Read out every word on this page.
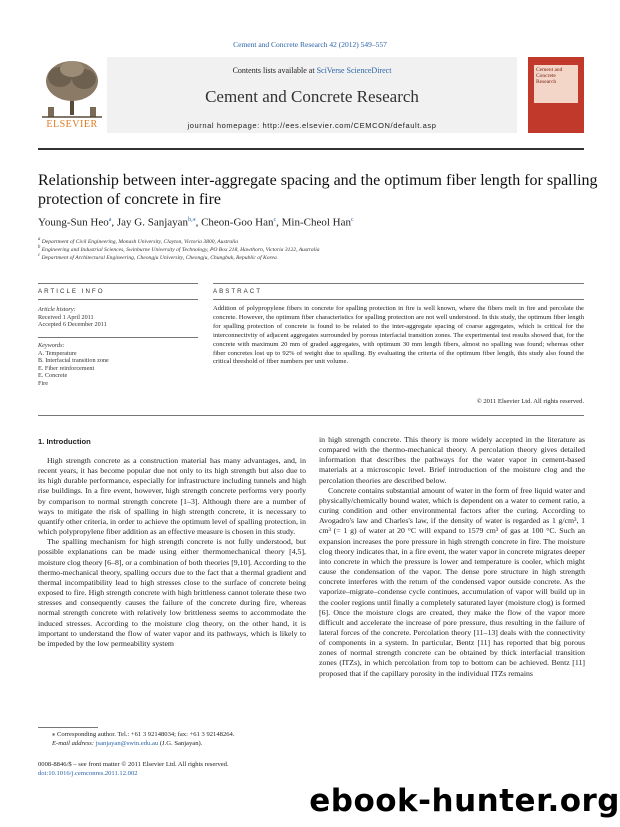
Cement and Concrete Research 42 (2012) 549–557
ELSEVIER
Contents lists available at SciVerse ScienceDirect
Cement and Concrete Research
journal homepage: http://ees.elsevier.com/CEMCON/default.asp
Cement and Concrete Research
Relationship between inter-aggregate spacing and the optimum fiber length for spalling protection of concrete in fire
Young-Sun Heo$^a$, Jay G. Sanjayan$^{b,⁎}$, Cheon-Goo Han$^c$, Min-Cheol Han$^c$
$^a$ Department of Civil Engineering, Monash University, Clayton, Victoria 3800, Australia
$^b$ Engineering and Industrial Sciences, Swinburne University of Technology, PO Box 218, Hawthorn, Victoria 3122, Australia
$^c$ Department of Architectural Engineering, Cheongju University, Cheongju, Chungbuk, Republic of Korea
ARTICLE INFO
Article history:
Received 1 April 2011
Accepted 6 December 2011
Keywords:
A. Temperature
B. Interfacial transition zone
E. Fiber reinforcement
E. Concrete
Fire
ABSTRACT
Addition of polypropylene fibers in concrete for spalling protection in fire is well known, where the fibers melt in fire and percolate the concrete. However, the optimum fiber characteristics for spalling protection are not well understood. In this study, the optimum fiber length for spalling protection of concrete is found to be related to the inter-aggregate spacing of coarse aggregates, which is critical for the interconnectivity of adjacent aggregates surrounded by porous interfacial transition zones. The experimental test results showed that, for the concrete with maximum 20 mm of graded aggregates, with optimum 30 mm length fibers, almost no spalling was found; whereas other fiber concretes lost up to 92% of weight due to spalling. By evaluating the criteria of the optimum fiber length, this study also found the critical threshold of fiber numbers per unit volume.
© 2011 Elsevier Ltd. All rights reserved.
1. Introduction

High strength concrete as a construction material has many advantages, and, in recent years, it has become popular due not only to its high strength but also due to its high durable performance, especially for infrastructure including tunnels and high rise buildings. In a fire event, however, high strength concrete performs very poorly by comparison to normal strength concrete [1–3]. Although there are a number of ways to mitigate the risk of spalling in high strength concrete, it is necessary to quantify other criteria, in order to achieve the optimum level of spalling protection, in which polypropylene fiber addition as an effective measure is chosen in this study.

The spalling mechanism for high strength concrete is not fully understood, but possible explanations can be made using either thermomechanical theory [4,5], moisture clog theory [6–8], or a combination of both theories [9,10]. According to the thermo-mechanical theory, spalling occurs due to the fact that a thermal gradient and thermal incompatibility lead to high stresses close to the surface of concrete being exposed to fire. High strength concrete with high brittleness cannot tolerate these two stresses and consequently causes the failure of the concrete during fire, whereas normal strength concrete with relatively low brittleness seems to accommodate the induced stresses. According to the moisture clog theory, on the other hand, it is important to understand the flow of water vapor and its pathways, which is likely to be impeded by the low permeability system

in high strength concrete. This theory is more widely accepted in the literature as compared with the thermo-mechanical theory. A percolation theory gives detailed information that describes the pathways for the water vapor in cement-based materials at a microscopic level. Brief introduction of the moisture clog and the percolation theories are described below.

Concrete contains substantial amount of water in the form of free liquid water and physically/chemically bound water, which is dependent on a water to cement ratio, a curing condition and other environmental factors after the curing. According to Avogadro's law and Charles's law, if the density of water is regarded as 1 g/cm³, 1 cm³ (= 1 g) of water at 20 °C will expand to 1579 cm³ of gas at 100 °C. Such an expansion increases the pore pressure in high strength concrete in fire. The moisture clog theory indicates that, in a fire event, the water vapor in concrete migrates deeper into concrete in which the pressure is lower and temperature is cooler, which might cause the condensation of the vapor. The dense pore structure in high strength concrete interferes with the return of the condensed vapor outside concrete. As the vaporize–migrate–condense cycle continues, accumulation of vapor will build up in the cooler regions until finally a completely saturated layer (moisture clog) is formed [6]. Once the moisture clogs are created, they make the flow of the vapor more difficult and accelerate the increase of pore pressure, thus resulting in the failure of lateral forces of the concrete. Percolation theory [11–13] deals with the connectivity of components in a system. In particular, Bentz [11] has reported that big porous zones of normal strength concrete can be obtained by thick interfacial transition zones (ITZs), in which percolation from top to bottom can be achieved. Bentz [11] proposed that if the capillary porosity in the individual ITZs remains

⁎ Corresponding author. Tel.: +61 3 92148034; fax: +61 3 92148264.
E-mail address: jsanjayan@swin.edu.au (J.G. Sanjayan).
0008-8846/$ – see front matter © 2011 Elsevier Ltd. All rights reserved.
doi:10.1016/j.cemconres.2011.12.002
ebook-hunter.org
